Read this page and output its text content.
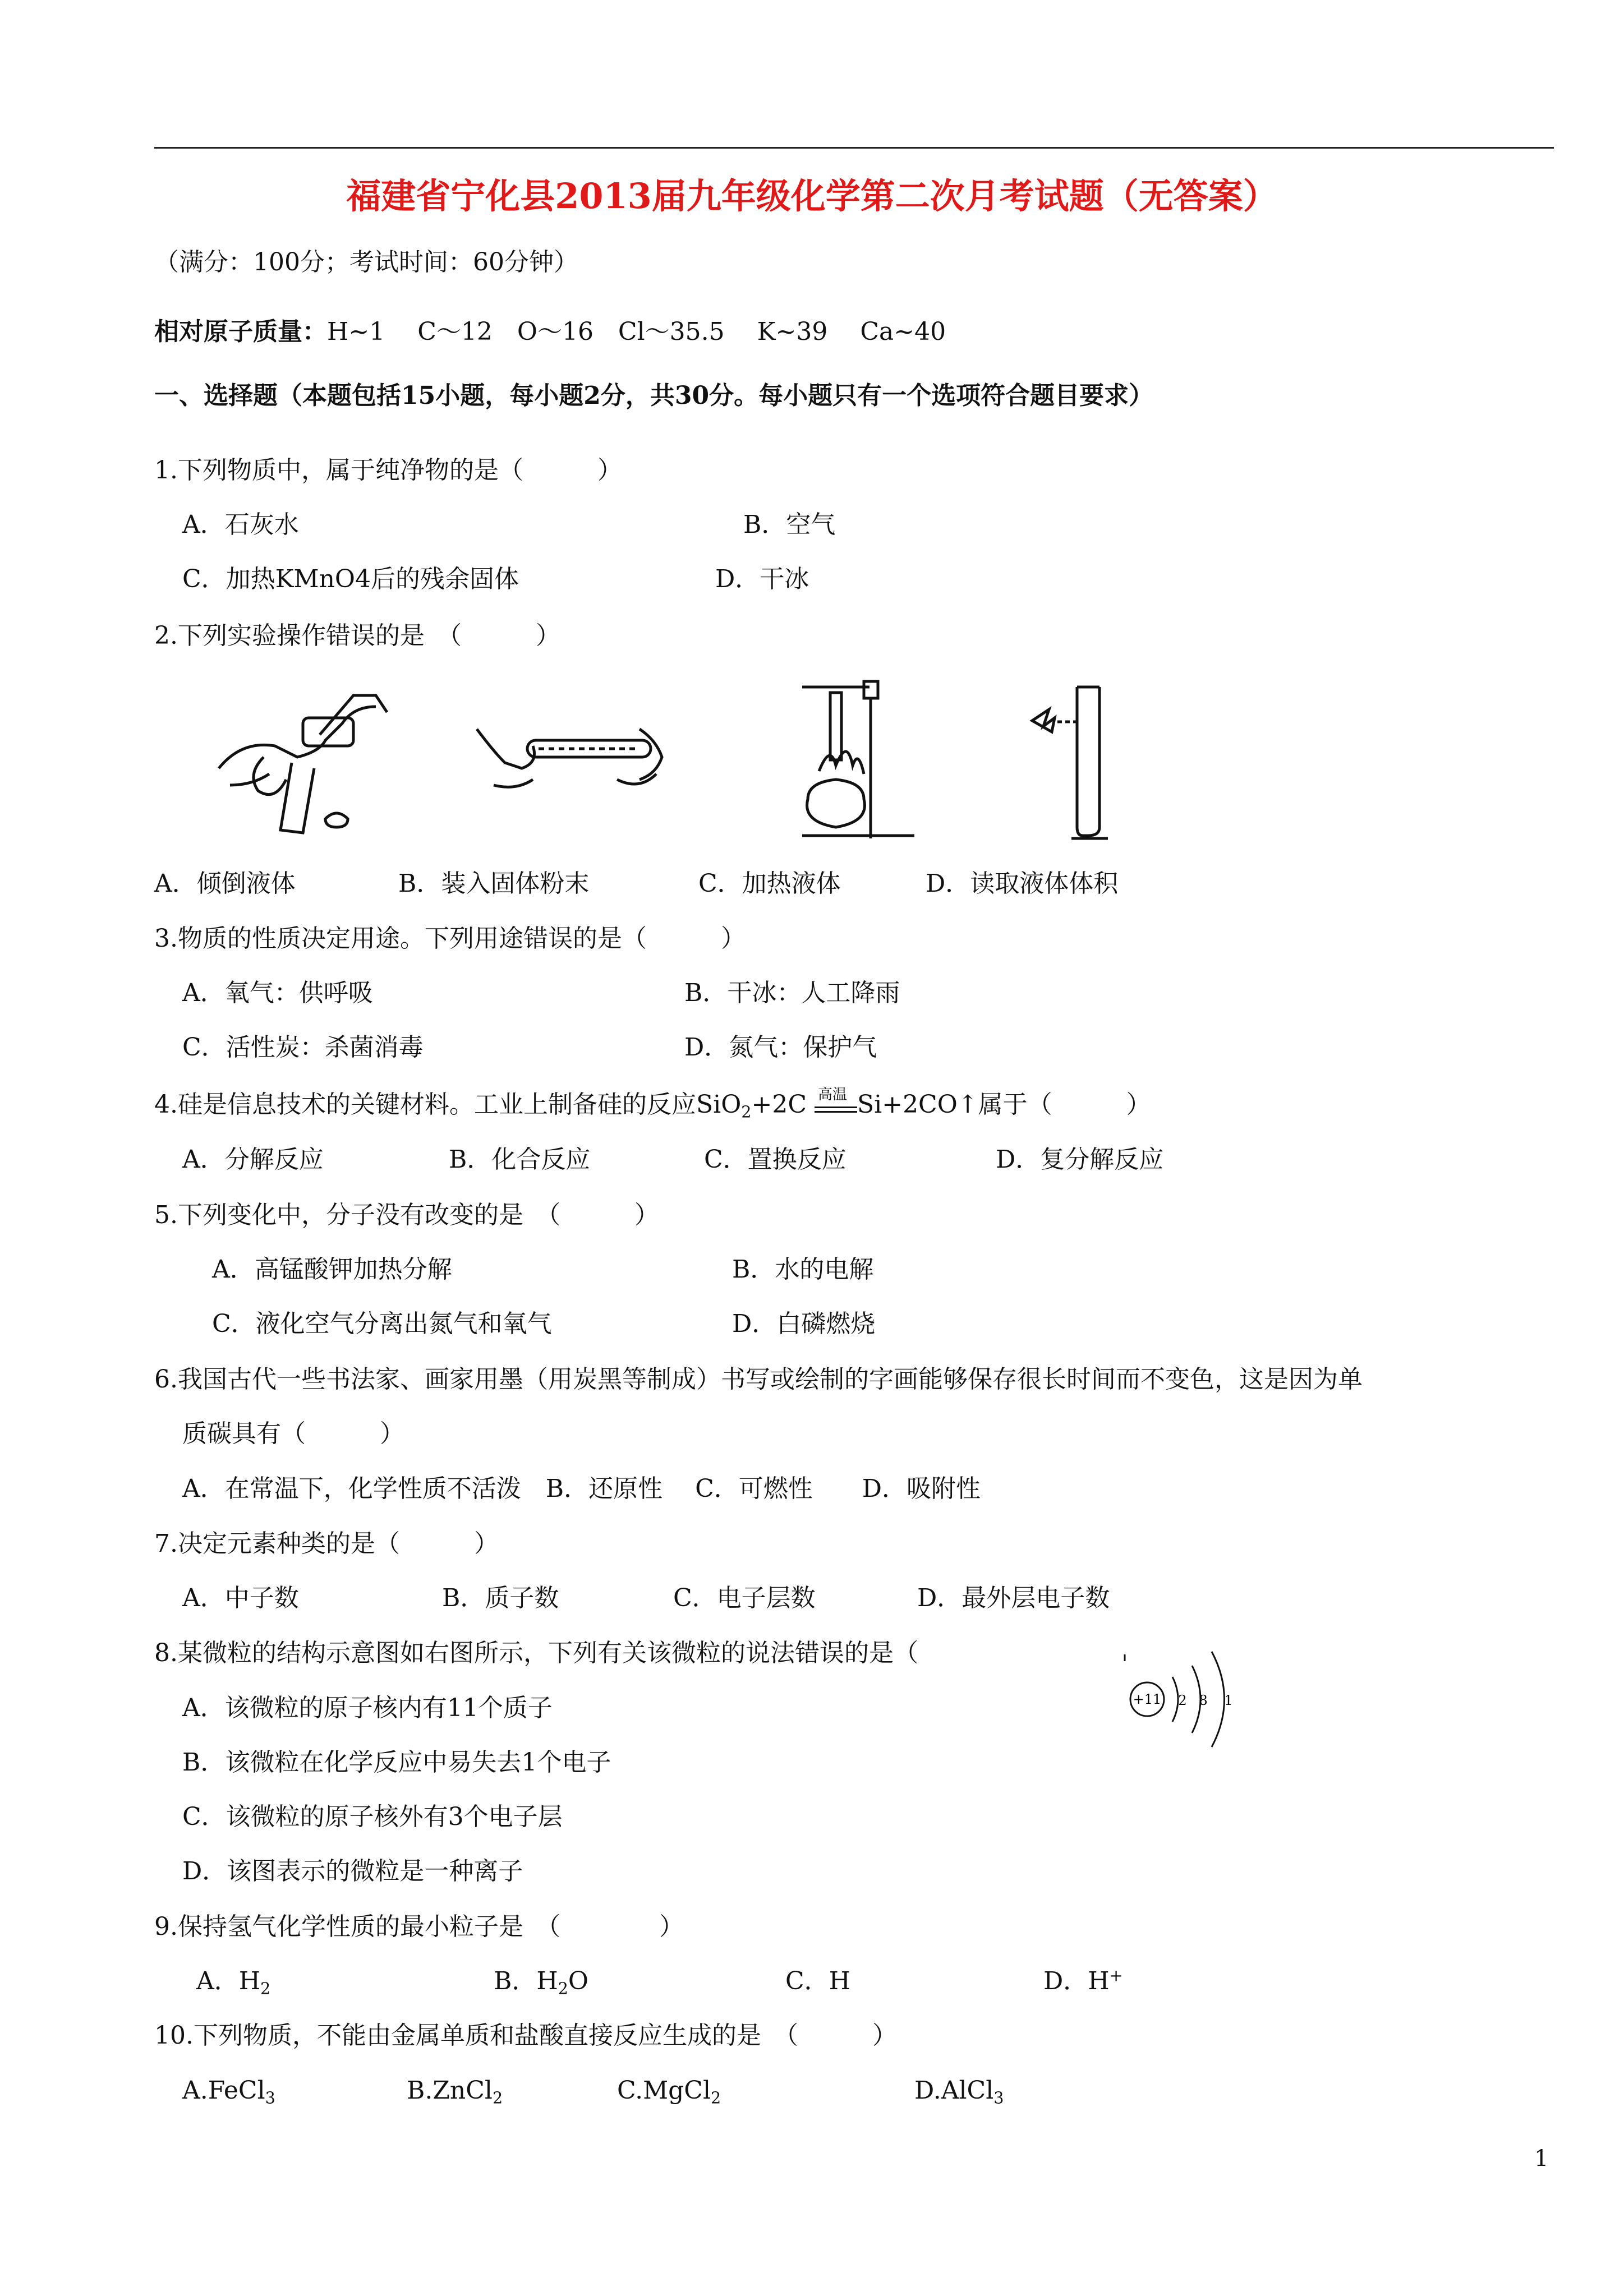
福建省宁化县2013届九年级化学第二次月考试题（无答案）
（满分：100分；考试时间：60分钟）
相对原子质量：H~1　 C～12　O～16　Cl～35.5　 K~39　 Ca~40
一、选择题（本题包括15小题，每小题2分，共30分。每小题只有一个选项符合题目要求）
1.下列物质中，属于纯净物的是（　　　）
A．石灰水	B．空气
C．加热KMnO4后的残余固体	D．干冰
2.下列实验操作错误的是　（　　　）
A．倾倒液体	B．装入固体粉末	C．加热液体	D．读取液体体积
3.物质的性质决定用途。下列用途错误的是（　　　）
A．氧气：供呼吸	B．干冰：人工降雨
C．活性炭：杀菌消毒	D．氮气：保护气
4.硅是信息技术的关键材料。工业上制备硅的反应SiO$_2$+2C 高温 Si+2CO↑属于（　　　）
A．分解反应	B．化合反应	C．置换反应	D．复分解反应
5.下列变化中，分子没有改变的是　（　　　）
A．高锰酸钾加热分解	B．水的电解
C．液化空气分离出氮气和氧气	D．白磷燃烧
6.我国古代一些书法家、画家用墨（用炭黑等制成）书写或绘制的字画能够保存很长时间而不变色，这是因为单
质碳具有（　　　）
A．在常温下，化学性质不活泼　B．还原性　 C．可燃性　　D．吸附性
7.决定元素种类的是（　　　）
A．中子数	B．质子数	C．电子层数	D．最外层电子数
8.某微粒的结构示意图如右图所示，下列有关该微粒的说法错误的是（
+11 2 8 1
A．该微粒的原子核内有11个质子
B．该微粒在化学反应中易失去1个电子
C．该微粒的原子核外有3个电子层
D．该图表示的微粒是一种离子
9.保持氢气化学性质的最小粒子是　（　　　　）
A．$H_2$	B．$H_2O$	C．H	D．H+
10.下列物质，不能由金属单质和盐酸直接反应生成的是　（　　　）
A.FeCl$_3$	B.ZnCl$_2$	C.MgCl$_2$	D.AlCl$_3$
1
